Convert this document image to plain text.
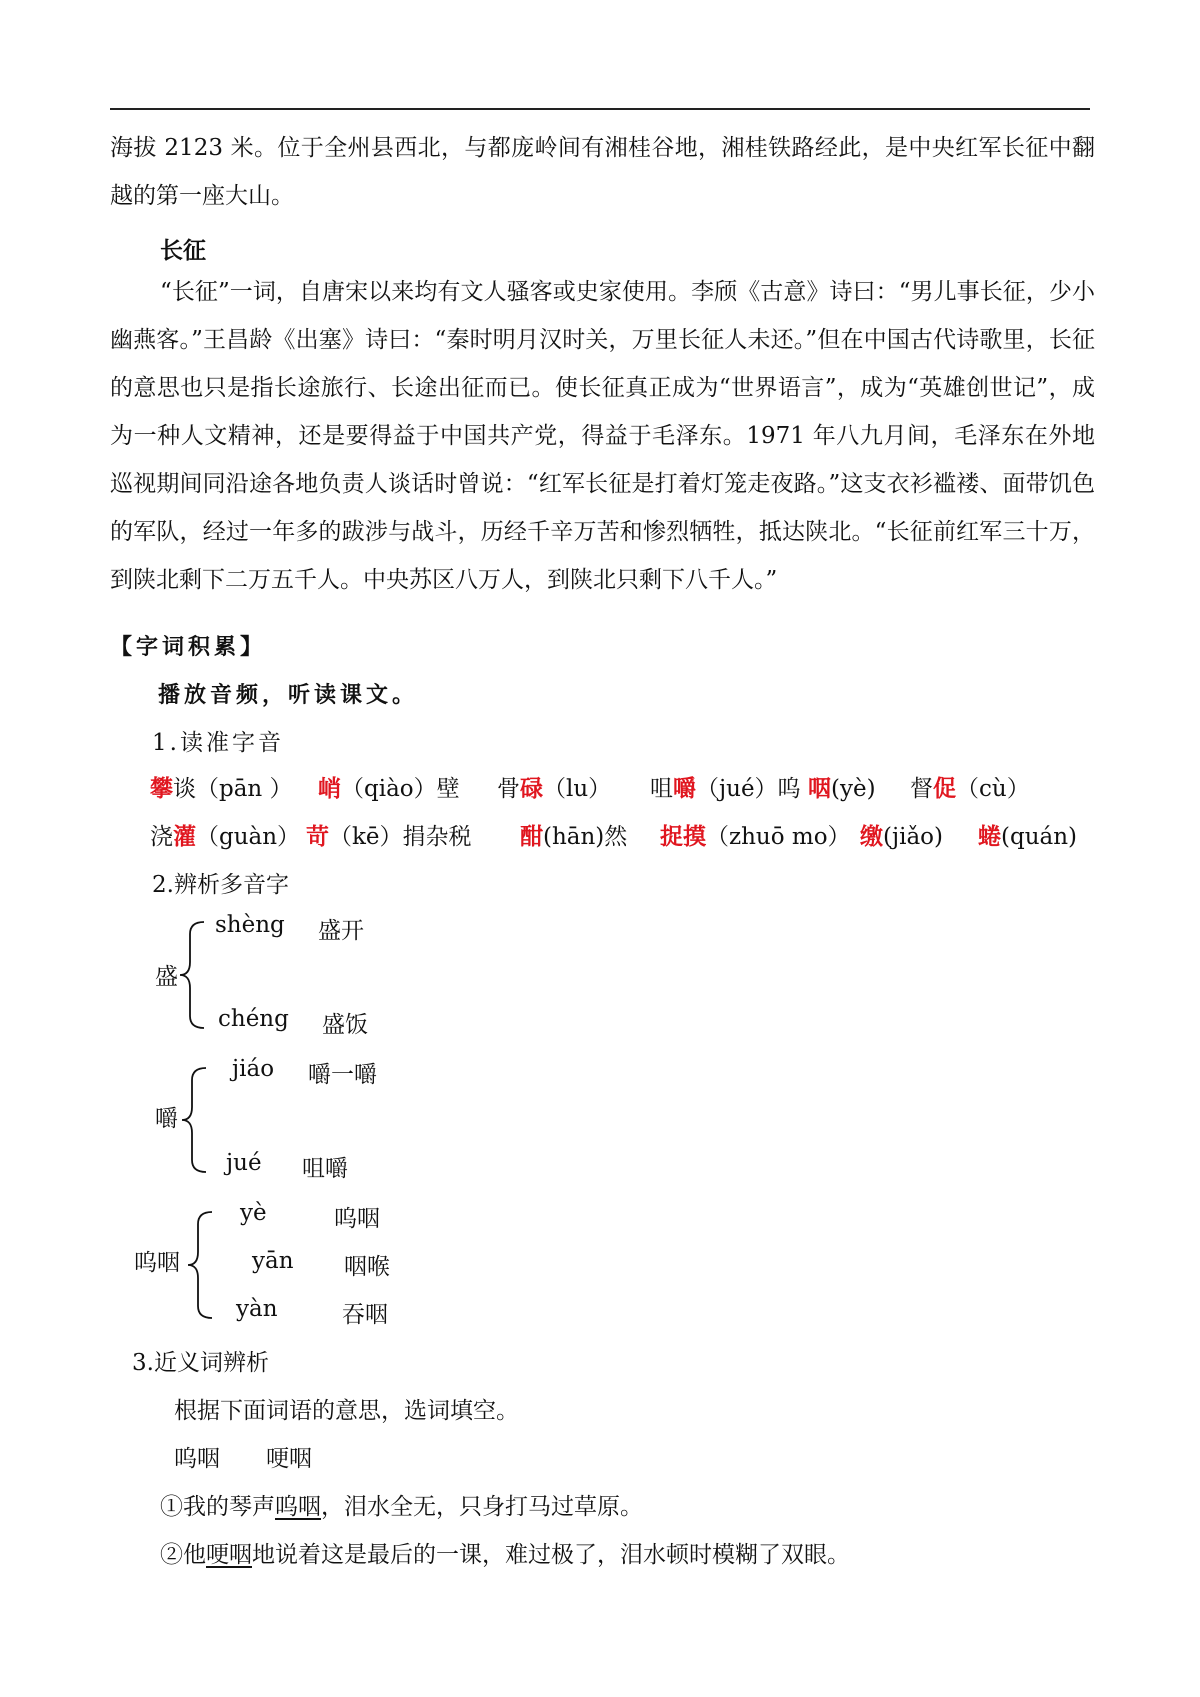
海拔 2123 米。位于全州县西北，与都庞岭间有湘桂谷地，湘桂铁路经此，是中央红军长征中翻越的第一座大山。
长征
“长征”一词，自唐宋以来均有文人骚客或史家使用。李颀《古意》诗曰：“男儿事长征，少小幽燕客。”王昌龄《出塞》诗曰：“秦时明月汉时关，万里长征人未还。”但在中国古代诗歌里，长征的意思也只是指长途旅行、长途出征而已。使长征真正成为“世界语言”，成为“英雄创世记”，成为一种人文精神，还是要得益于中国共产党，得益于毛泽东。1971 年八九月间，毛泽东在外地巡视期间同沿途各地负责人谈话时曾说：“红军长征是打着灯笼走夜路。”这支衣衫褴褛、面带饥色的军队，经过一年多的跋涉与战斗，历经千辛万苦和惨烈牺牲，抵达陕北。“长征前红军三十万，到陕北剩下二万五千人。中央苏区八万人，到陕北只剩下八千人。”
【字词积累】
播放音频，听读课文。
1.读准字音
攀谈（pān ） 峭（qiào）壁 骨碌（lu） 咀嚼（jué）呜 咽(yè) 督促（cù）
浇灌（guàn） 苛（kē）捐杂税 酣(hān)然 捉摸（zhuō mo） 缴(jiǎo) 蜷(quán)
2.辨析多音字
盛
shèng 盛开
chéng 盛饭
嚼
jiáo 嚼一嚼
jué 咀嚼
呜咽
yè	呜咽
yān 咽喉
yàn	吞咽
3.近义词辨析
根据下面词语的意思，选词填空。
呜咽　　哽咽
①我的琴声呜咽，泪水全无，只身打马过草原。
②他哽咽地说着这是最后的一课，难过极了，泪水顿时模糊了双眼。
